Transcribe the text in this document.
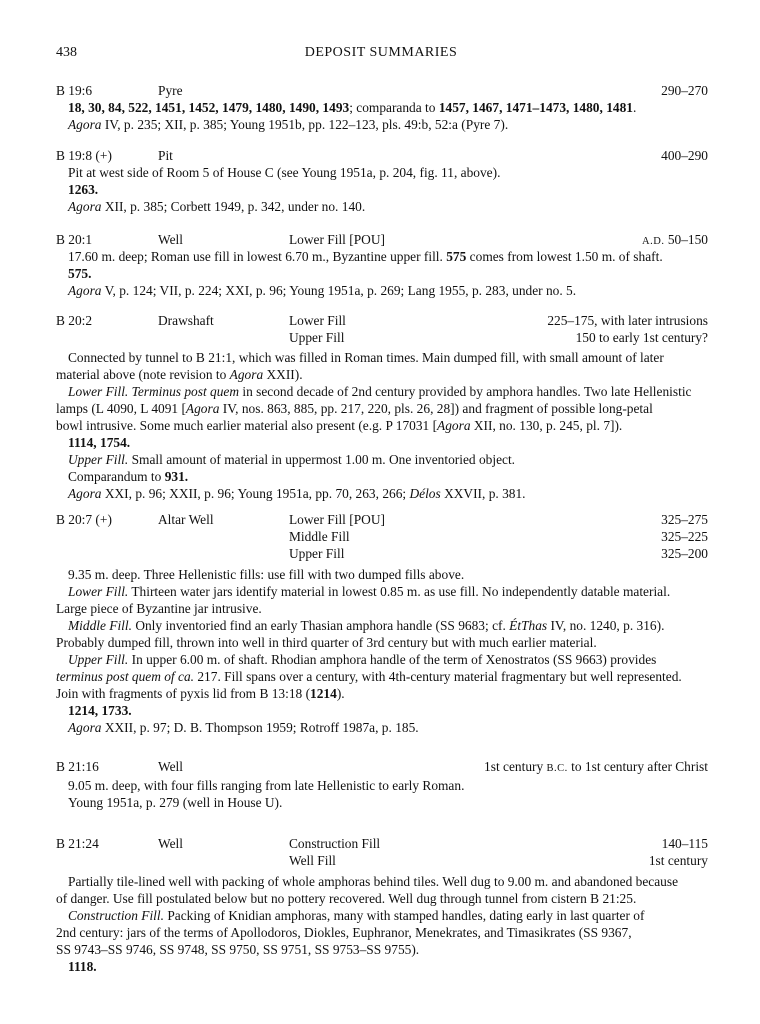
438	DEPOSIT SUMMARIES
B 19:6	Pyre	290–270
18, 30, 84, 522, 1451, 1452, 1479, 1480, 1490, 1493; comparanda to 1457, 1467, 1471–1473, 1480, 1481.
Agora IV, p. 235; XII, p. 385; Young 1951b, pp. 122–123, pls. 49:b, 52:a (Pyre 7).
B 19:8 (+)	Pit	400–290
Pit at west side of Room 5 of House C (see Young 1951a, p. 204, fig. 11, above).
1263.
Agora XII, p. 385; Corbett 1949, p. 342, under no. 140.
B 20:1	Well	Lower Fill [POU]	A.D. 50–150
17.60 m. deep; Roman use fill in lowest 6.70 m., Byzantine upper fill. 575 comes from lowest 1.50 m. of shaft.
575.
Agora V, p. 124; VII, p. 224; XXI, p. 96; Young 1951a, p. 269; Lang 1955, p. 283, under no. 5.
B 20:2	Drawshaft	Lower Fill	225–175, with later intrusions
Upper Fill	150 to early 1st century?
Connected by tunnel to B 21:1, which was filled in Roman times. Main dumped fill, with small amount of later
material above (note revision to Agora XXII).
Lower Fill. Terminus post quem in second decade of 2nd century provided by amphora handles. Two late Hellenistic
lamps (L 4090, L 4091 [Agora IV, nos. 863, 885, pp. 217, 220, pls. 26, 28]) and fragment of possible long-petal
bowl intrusive. Some much earlier material also present (e.g. P 17031 [Agora XII, no. 130, p. 245, pl. 7]).
1114, 1754.
Upper Fill. Small amount of material in uppermost 1.00 m. One inventoried object.
Comparandum to 931.
Agora XXI, p. 96; XXII, p. 96; Young 1951a, pp. 70, 263, 266; Délos XXVII, p. 381.
B 20:7 (+)	Altar Well	Lower Fill [POU]	325–275
Middle Fill	325–225
Upper Fill	325–200
9.35 m. deep. Three Hellenistic fills: use fill with two dumped fills above.
Lower Fill. Thirteen water jars identify material in lowest 0.85 m. as use fill. No independently datable material.
Large piece of Byzantine jar intrusive.
Middle Fill. Only inventoried find an early Thasian amphora handle (SS 9683; cf. ÉtThas IV, no. 1240, p. 316).
Probably dumped fill, thrown into well in third quarter of 3rd century but with much earlier material.
Upper Fill. In upper 6.00 m. of shaft. Rhodian amphora handle of the term of Xenostratos (SS 9663) provides
terminus post quem of ca. 217. Fill spans over a century, with 4th-century material fragmentary but well represented.
Join with fragments of pyxis lid from B 13:18 (1214).
1214, 1733.
Agora XXII, p. 97; D. B. Thompson 1959; Rotroff 1987a, p. 185.
B 21:16	Well	1st century B.C. to 1st century after Christ
9.05 m. deep, with four fills ranging from late Hellenistic to early Roman.
Young 1951a, p. 279 (well in House U).
B 21:24	Well	Construction Fill	140–115
Well Fill	1st century
Partially tile-lined well with packing of whole amphoras behind tiles. Well dug to 9.00 m. and abandoned because
of danger. Use fill postulated below but no pottery recovered. Well dug through tunnel from cistern B 21:25.
Construction Fill. Packing of Knidian amphoras, many with stamped handles, dating early in last quarter of
2nd century: jars of the terms of Apollodoros, Diokles, Euphranor, Menekrates, and Timasikrates (SS 9367,
SS 9743–SS 9746, SS 9748, SS 9750, SS 9751, SS 9753–SS 9755).
1118.
